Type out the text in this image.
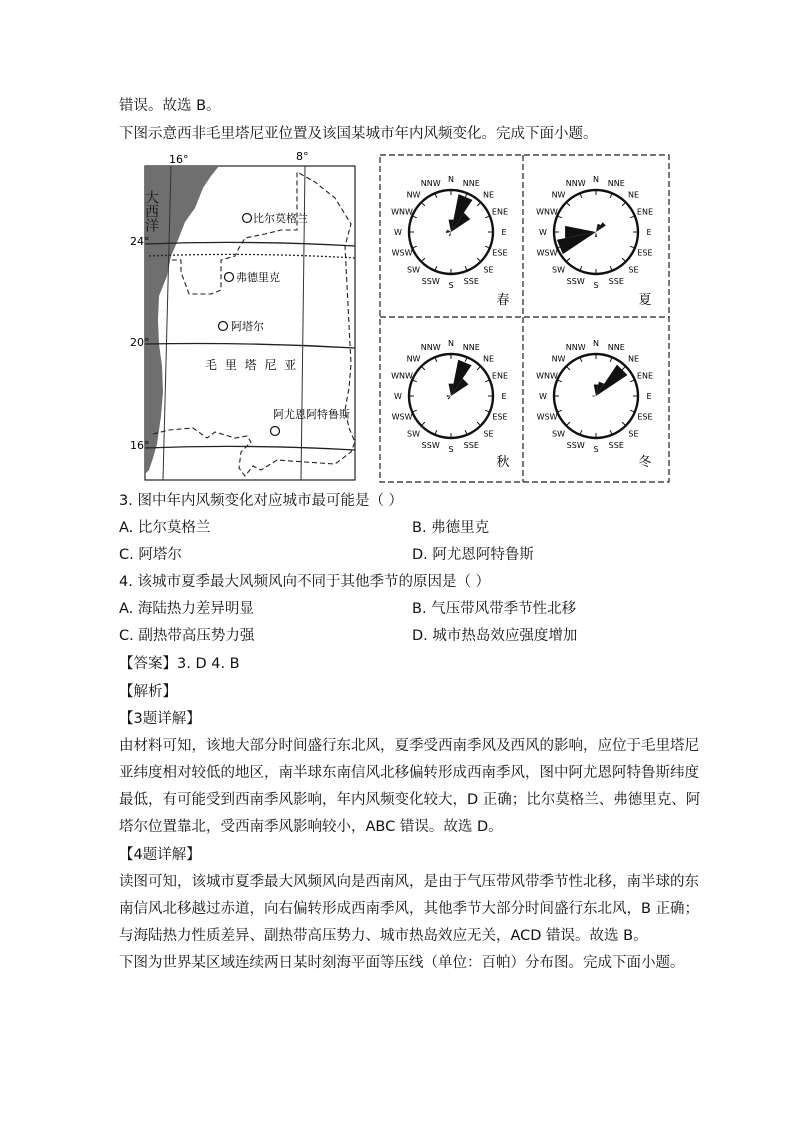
错误。故选 B。
下图示意西非毛里塔尼亚位置及该国某城市年内风频变化。完成下面小题。
16°	8°
大西洋
24°
20°
16°
比尔莫格兰
弗德里克
阿塔尔
阿尤恩阿特鲁斯
毛 里 塔 尼 亚
N NNE
NE
ENE
E
ESE
SE
SSE
S
SSW
SW
WSW
W
WNW
NW
NNW
春
N NNE
NE
ENE
E
ESE
SE
SSE
S
SSW
SW
WSW
W
WNW
NW
NNW
夏
N NNE
NE
ENE
E
ESE
SE
SSE
S
SSW
SW
WSW
W
WNW
NW
NNW
秋
N NNE
NE
ENE
E
ESE
SE
SSE
S
SSW
SW
WSW
W
WNW
NW
NNW
冬
3. 图中年内风频变化对应城市最可能是（ ）
A. 比尔莫格兰	B. 弗德里克
C. 阿塔尔	D. 阿尤恩阿特鲁斯
4. 该城市夏季最大风频风向不同于其他季节的原因是（ ）
A. 海陆热力差异明显	B. 气压带风带季节性北移
C. 副热带高压势力强	D. 城市热岛效应强度增加
【答案】3. D 4. B
【解析】
【3题详解】
由材料可知，该地大部分时间盛行东北风，夏季受西南季风及西风的影响，应位于毛里塔尼
亚纬度相对较低的地区，南半球东南信风北移偏转形成西南季风，图中阿尤恩阿特鲁斯纬度
最低，有可能受到西南季风影响，年内风频变化较大，D 正确；比尔莫格兰、弗德里克、阿
塔尔位置靠北，受西南季风影响较小，ABC 错误。故选 D。
【4题详解】
读图可知，该城市夏季最大风频风向是西南风，是由于气压带风带季节性北移，南半球的东
南信风北移越过赤道，向右偏转形成西南季风，其他季节大部分时间盛行东北风，B 正确；
与海陆热力性质差异、副热带高压势力、城市热岛效应无关，ACD 错误。故选 B。
下图为世界某区域连续两日某时刻海平面等压线（单位：百帕）分布图。完成下面小题。
